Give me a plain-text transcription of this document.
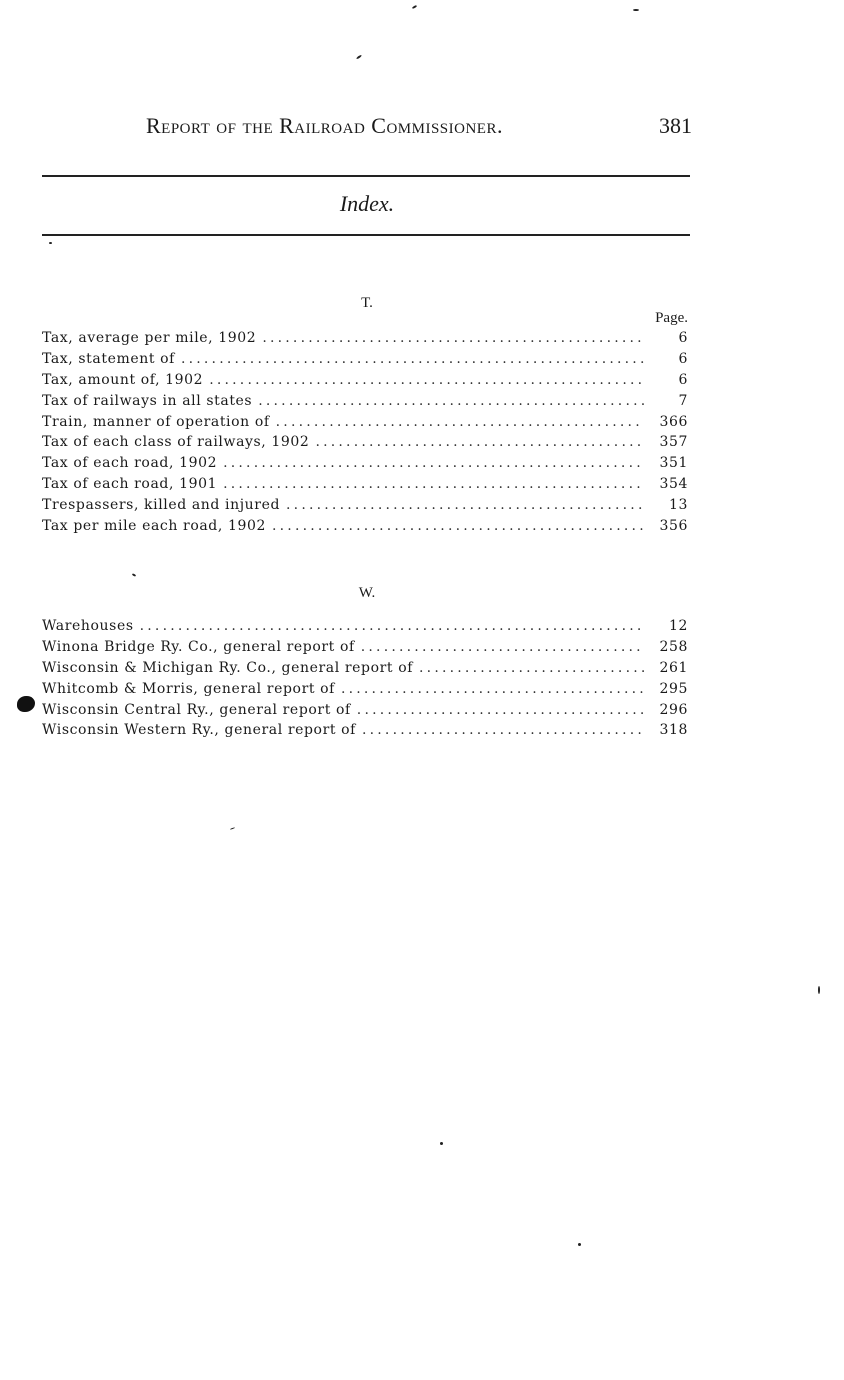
Report of the Railroad Commissioner.	381
Index.
T.
Page.
Tax, average per mile, 1902 .....	6
Tax, statement of .....	6
Tax, amount of, 1902 .....	6
Tax of railways in all states .....	7
Train, manner of operation of .....	366
Tax of each class of railways, 1902 .....	357
Tax of each road, 1902 .....	351
Tax of each road, 1901 .....	354
Trespassers, killed and injured .....	13
Tax per mile each road, 1902 .....	356
W.
Warehouses .....	12
Winona Bridge Ry. Co., general report of .....	258
Wisconsin & Michigan Ry. Co., general report of .....	261
Whitcomb & Morris, general report of .....	295
Wisconsin Central Ry., general report of .....	296
Wisconsin Western Ry., general report of .....	318
